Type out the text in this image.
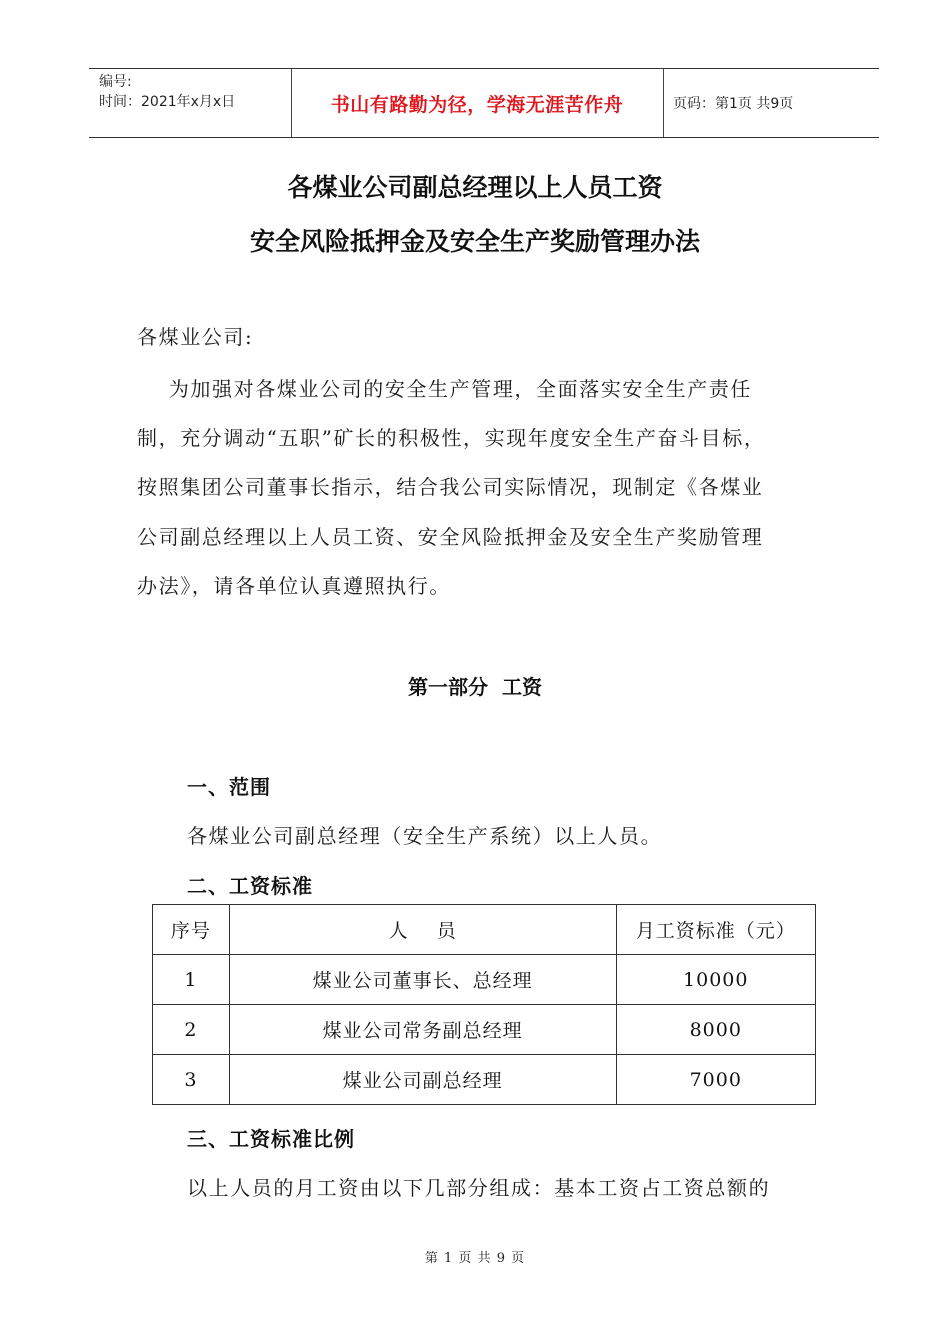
编号:
时间：2021年x月x日	书山有路勤为径，学海无涯苦作舟	页码：第1页 共9页
各煤业公司副总经理以上人员工资
安全风险抵押金及安全生产奖励管理办法
各煤业公司:
为加强对各煤业公司的安全生产管理，全面落实安全生产责任
制，充分调动“五职”矿长的积极性，实现年度安全生产奋斗目标，
按照集团公司董事长指示，结合我公司实际情况，现制定《各煤业
公司副总经理以上人员工资、安全风险抵押金及安全生产奖励管理
办法》，请各单位认真遵照执行。
第一部分  工资
一、范围
各煤业公司副总经理（安全生产系统）以上人员。
二、工资标准
序号	人    员	月工资标准（元）
1	煤业公司董事长、总经理	10000
2	煤业公司常务副总经理	8000
3	煤业公司副总经理	7000
三、工资标准比例
以上人员的月工资由以下几部分组成：基本工资占工资总额的
第 1 页 共 9 页
